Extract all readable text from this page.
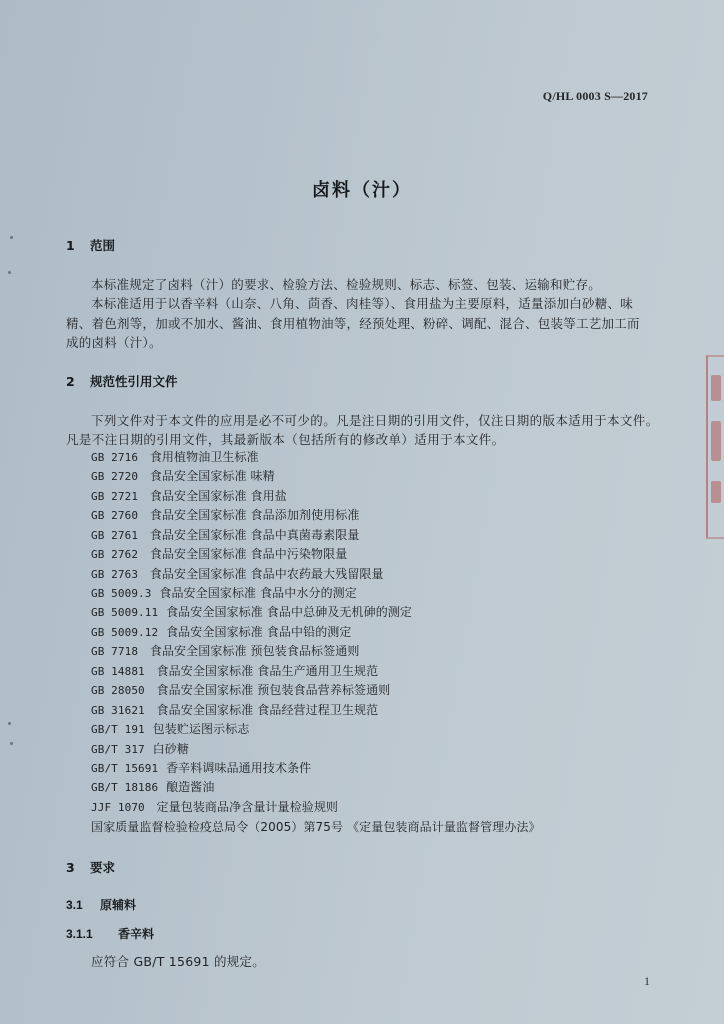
Q/HL 0003 S—2017
卤料（汁）
1 范围
本标准规定了卤料（汁）的要求、检验方法、检验规则、标志、标签、包装、运输和贮存。
本标准适用于以香辛料（山奈、八角、茴香、肉桂等）、食用盐为主要原料，适量添加白砂糖、味
精、着色剂等，加或不加水、酱油、食用植物油等，经预处理、粉碎、调配、混合、包装等工艺加工而
成的卤料（汁）。
2 规范性引用文件
下列文件对于本文件的应用是必不可少的。凡是注日期的引用文件，仅注日期的版本适用于本文件。
凡是不注日期的引用文件，其最新版本（包括所有的修改单）适用于本文件。
GB 2716 食用植物油卫生标准
GB 2720 食品安全国家标准 味精
GB 2721 食品安全国家标准 食用盐
GB 2760 食品安全国家标准 食品添加剂使用标准
GB 2761 食品安全国家标准 食品中真菌毒素限量
GB 2762 食品安全国家标准 食品中污染物限量
GB 2763 食品安全国家标准 食品中农药最大残留限量
GB 5009.3 食品安全国家标准 食品中水分的测定
GB 5009.11 食品安全国家标准 食品中总砷及无机砷的测定
GB 5009.12 食品安全国家标准 食品中铅的测定
GB 7718 食品安全国家标准 预包装食品标签通则
GB 14881 食品安全国家标准 食品生产通用卫生规范
GB 28050 食品安全国家标准 预包装食品营养标签通则
GB 31621 食品安全国家标准 食品经营过程卫生规范
GB/T 191 包装贮运图示标志
GB/T 317 白砂糖
GB/T 15691 香辛料调味品通用技术条件
GB/T 18186 酿造酱油
JJF 1070 定量包装商品净含量计量检验规则
国家质量监督检验检疫总局令（2005）第75号 《定量包装商品计量监督管理办法》
3 要求
3.1 原辅料
3.1.1 香辛料
应符合 GB/T 15691 的规定。
1
